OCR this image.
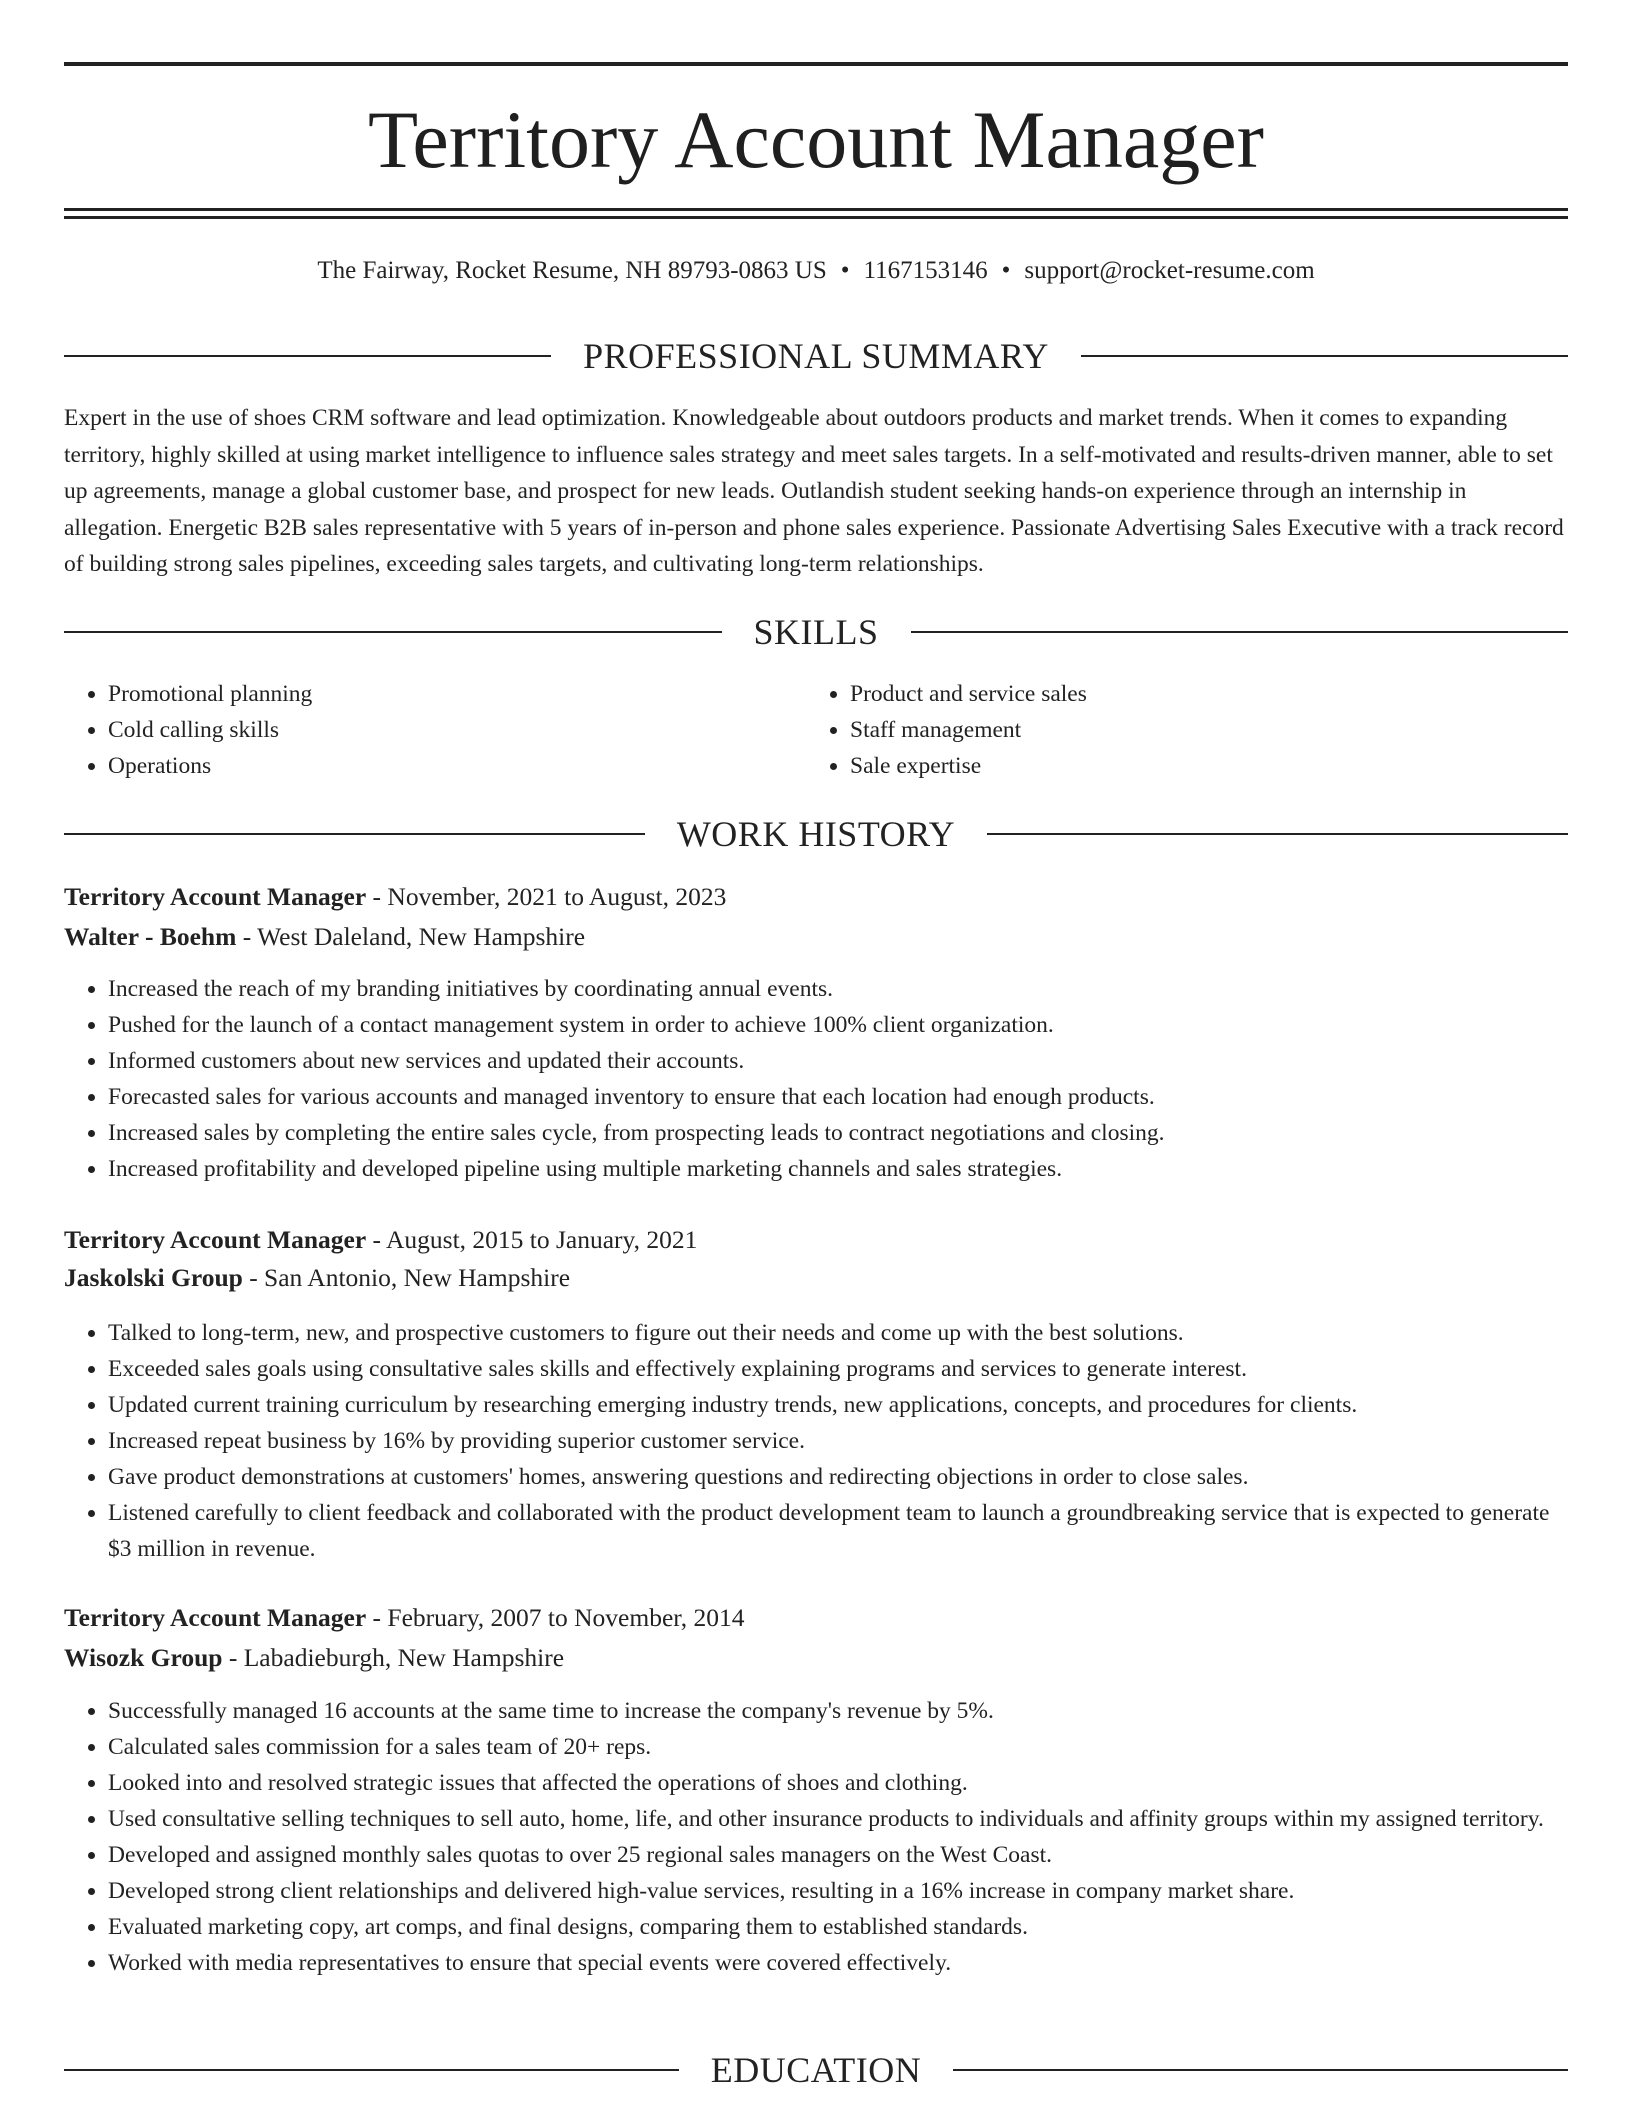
Territory Account Manager
The Fairway, Rocket Resume, NH 89793-0863 US • 1167153146 • support@rocket-resume.com
PROFESSIONAL SUMMARY

Expert in the use of shoes CRM software and lead optimization. Knowledgeable about outdoors products and market trends. When it comes to expanding territory, highly skilled at using market intelligence to influence sales strategy and meet sales targets. In a self-motivated and results-driven manner, able to set up agreements, manage a global customer base, and prospect for new leads. Outlandish student seeking hands-on experience through an internship in allegation. Energetic B2B sales representative with 5 years of in-person and phone sales experience. Passionate Advertising Sales Executive with a track record of building strong sales pipelines, exceeding sales targets, and cultivating long-term relationships.

SKILLS
• Promotional planning
• Cold calling skills
• Operations
• Product and service sales
• Staff management
• Sale expertise
WORK HISTORY
Territory Account Manager - November, 2021 to August, 2023
Walter - Boehm - West Daleland, New Hampshire
• Increased the reach of my branding initiatives by coordinating annual events.
• Pushed for the launch of a contact management system in order to achieve 100% client organization.
• Informed customers about new services and updated their accounts.
• Forecasted sales for various accounts and managed inventory to ensure that each location had enough products.
• Increased sales by completing the entire sales cycle, from prospecting leads to contract negotiations and closing.
• Increased profitability and developed pipeline using multiple marketing channels and sales strategies.
Territory Account Manager - August, 2015 to January, 2021
Jaskolski Group - San Antonio, New Hampshire
• Talked to long-term, new, and prospective customers to figure out their needs and come up with the best solutions.
• Exceeded sales goals using consultative sales skills and effectively explaining programs and services to generate interest.
• Updated current training curriculum by researching emerging industry trends, new applications, concepts, and procedures for clients.
• Increased repeat business by 16% by providing superior customer service.
• Gave product demonstrations at customers' homes, answering questions and redirecting objections in order to close sales.
• Listened carefully to client feedback and collaborated with the product development team to launch a groundbreaking service that is expected to generate $3 million in revenue.
Territory Account Manager - February, 2007 to November, 2014
Wisozk Group - Labadieburgh, New Hampshire
• Successfully managed 16 accounts at the same time to increase the company's revenue by 5%.
• Calculated sales commission for a sales team of 20+ reps.
• Looked into and resolved strategic issues that affected the operations of shoes and clothing.
• Used consultative selling techniques to sell auto, home, life, and other insurance products to individuals and affinity groups within my assigned territory.
• Developed and assigned monthly sales quotas to over 25 regional sales managers on the West Coast.
• Developed strong client relationships and delivered high-value services, resulting in a 16% increase in company market share.
• Evaluated marketing copy, art comps, and final designs, comparing them to established standards.
• Worked with media representatives to ensure that special events were covered effectively.
EDUCATION
